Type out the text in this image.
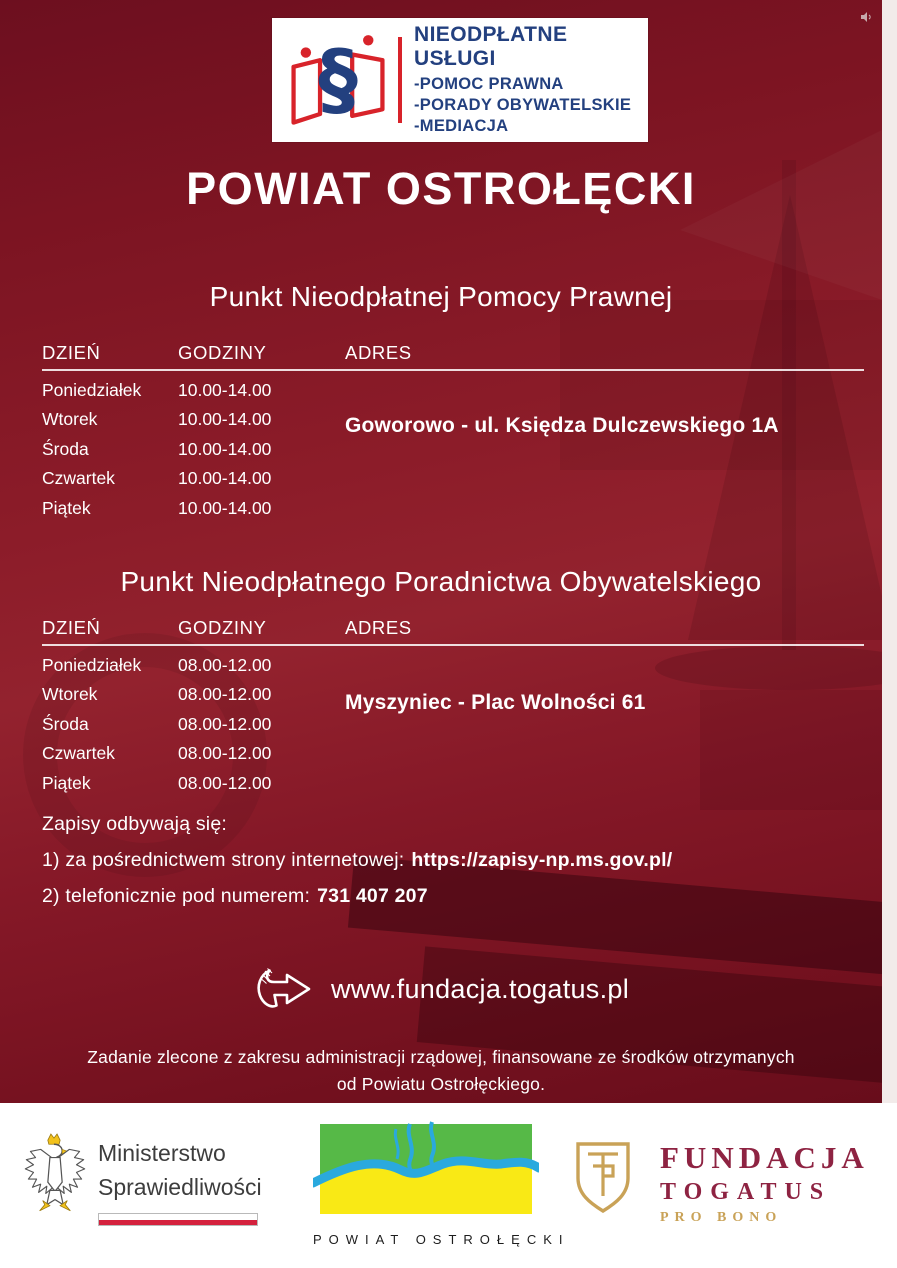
§	NIEODPŁATNE USŁUGI
-POMOC PRAWNA
-PORADY OBYWATELSKIE
-MEDIACJA
POWIAT OSTROŁĘCKI
Punkt Nieodpłatnej Pomocy Prawnej
DZIEŃ	GODZINY	ADRES
Poniedziałek	10.00-14.00
Wtorek	10.00-14.00
Środa	10.00-14.00
Czwartek	10.00-14.00
Piątek	10.00-14.00
Goworowo - ul. Księdza Dulczewskiego 1A
Punkt Nieodpłatnego Poradnictwa Obywatelskiego
DZIEŃ	GODZINY	ADRES
Poniedziałek	08.00-12.00
Wtorek	08.00-12.00
Środa	08.00-12.00
Czwartek	08.00-12.00
Piątek	08.00-12.00
Myszyniec - Plac Wolności 61

Zapisy odbywają się:

1) za pośrednictwem strony internetowej: https://zapisy-np.ms.gov.pl/

2) telefonicznie pod numerem: 731 407 207

www.fundacja.togatus.pl
Zadanie zlecone z zakresu administracji rządowej, finansowane ze środków otrzymanych
od Powiatu Ostrołęckiego.
Ministerstwo
Sprawiedliwości
POWIAT OSTROŁĘCKI
FUNDACJA
TOGATUS
PRO BONO
